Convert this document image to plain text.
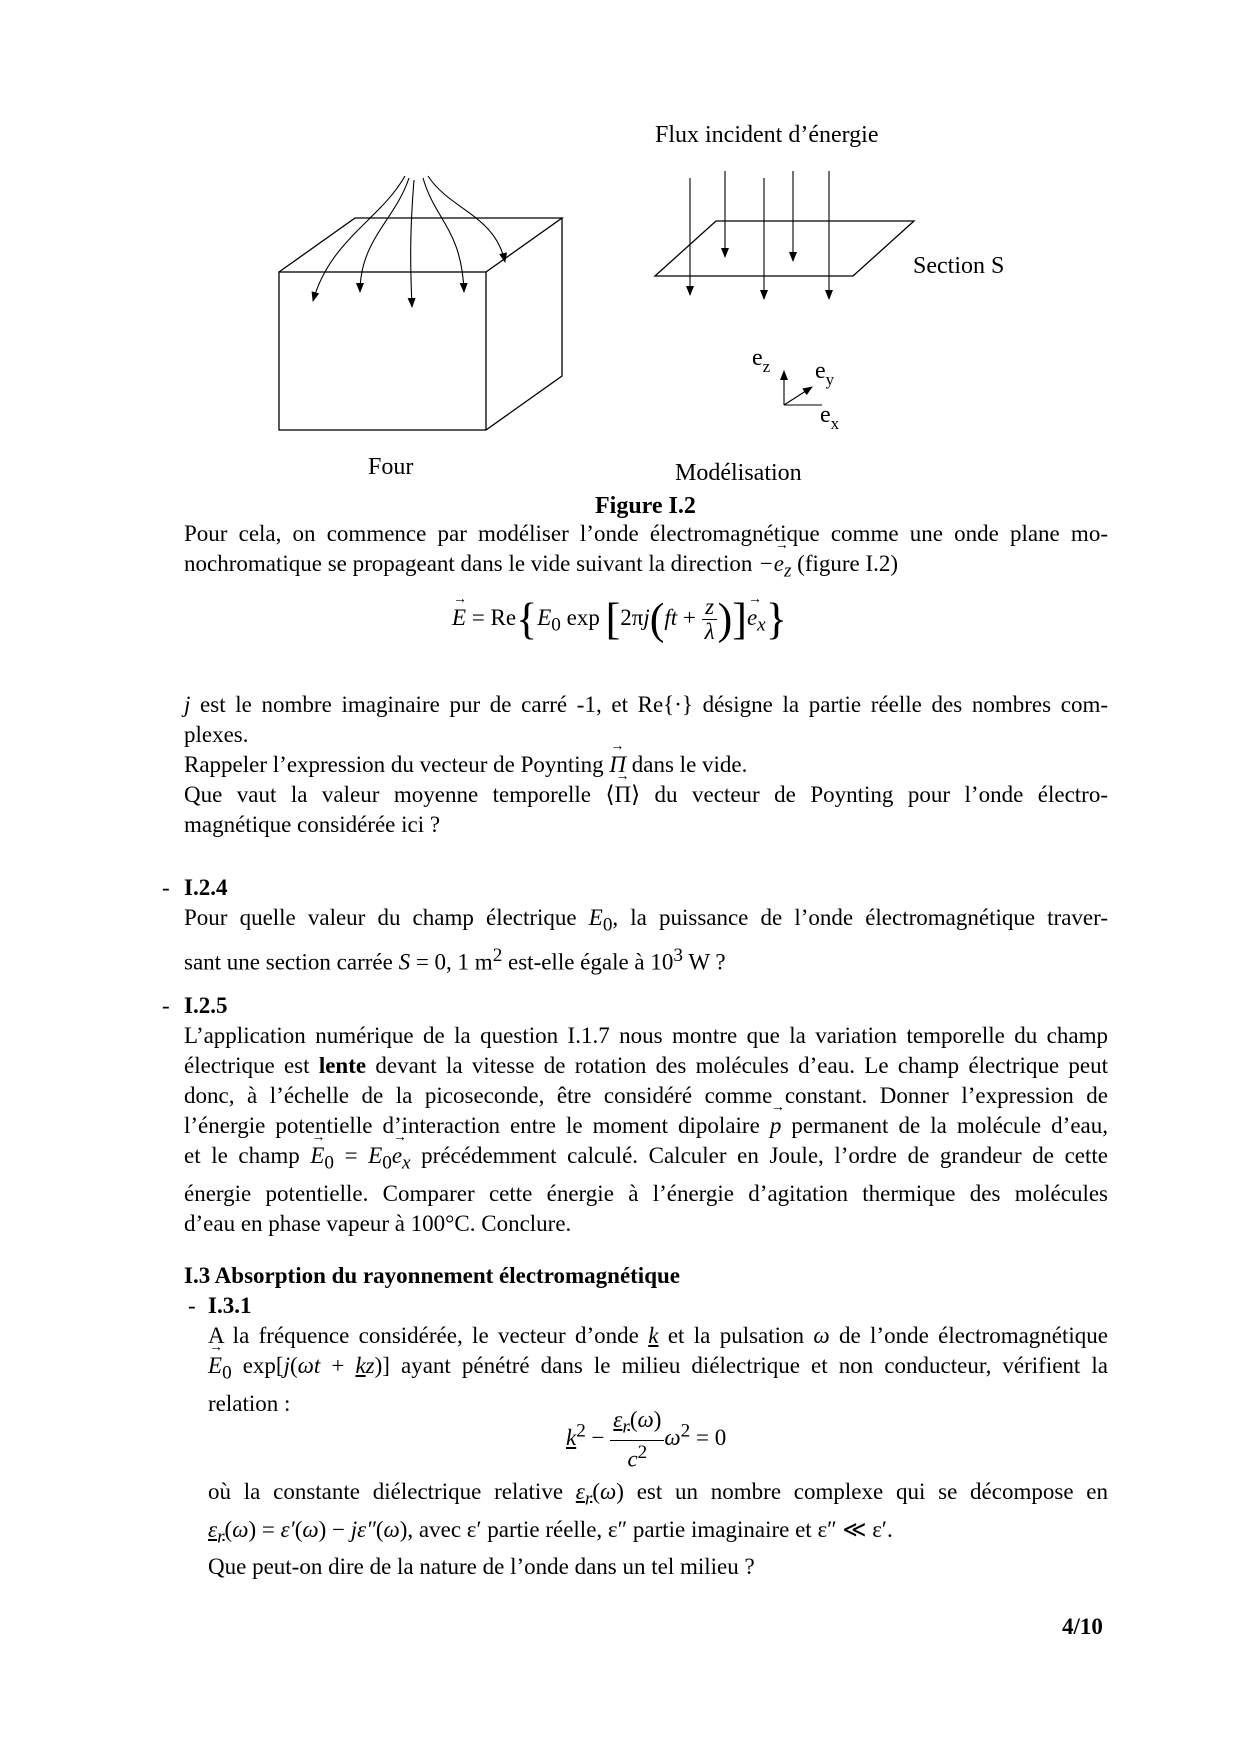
Flux incident d’énergie
Section S
$e_z$ $e_y$
$e_x$
Four	Modélisation
Figure I.2

Pour cela, on commence par modéliser l’onde électromagnétique comme une onde plane mo-

nochromatique se propageant dans le vide suivant la direction −→ $e_z$ (figure I.2)

→ $E = Re\{E_0$ $\exp [2\pi j(ft + \frac{z}{\lambda}$ )]→ $e_x$}

j est le nombre imaginaire pur de carré -1, et Re{·} désigne la partie réelle des nombres com-

plexes.

Rappeler l’expression du vecteur de Poynting → Π dans le vide.

Que vaut la valeur moyenne temporelle ⟨→ Π⟩ du vecteur de Poynting pour l’onde électro-

magnétique considérée ici ?

- I.2.4

Pour quelle valeur du champ électrique $E_0$, la puissance de l’onde électromagnétique traver-

sant une section carrée S = 0, 1 $m^2$ est-elle égale à $10^3$ W ?

- I.2.5

L’application numérique de la question I.1.7 nous montre que la variation temporelle du champ

électrique est lente devant la vitesse de rotation des molécules d’eau. Le champ électrique peut

donc, à l’échelle de la picoseconde, être considéré comme constant. Donner l’expression de

l’énergie potentielle d’interaction entre le moment dipolaire → p permanent de la molécule d’eau,

et le champ → $E_0 = E_0\to e_x$ précédemment calculé. Calculer en Joule, l’ordre de grandeur de cette

énergie potentielle. Comparer cette énergie à l’énergie d’agitation thermique des molécules

d’eau en phase vapeur à 100°C. Conclure.

I.3 Absorption du rayonnement électromagnétique
- I.3.1

A la fréquence considérée, le vecteur d’onde k et la pulsation ω de l’onde électromagnétique

→ $E_0$ exp[j(ωt + kz)] ayant pénétré dans le milieu diélectrique et non conducteur, vérifient la

relation :

$k^2 - \frac{\varepsilon_r(\omega)}{c^2} \omega^2 = 0$

où la constante diélectrique relative $\varepsilon_r(\omega)$ est un nombre complexe qui se décompose en

$\varepsilon_r(\omega) = \varepsilon'(\omega) - j\varepsilon''(\omega)$, avec ε′ partie réelle, ε″ partie imaginaire et ε″ ≪ ε′.

Que peut-on dire de la nature de l’onde dans un tel milieu ?

4/10
